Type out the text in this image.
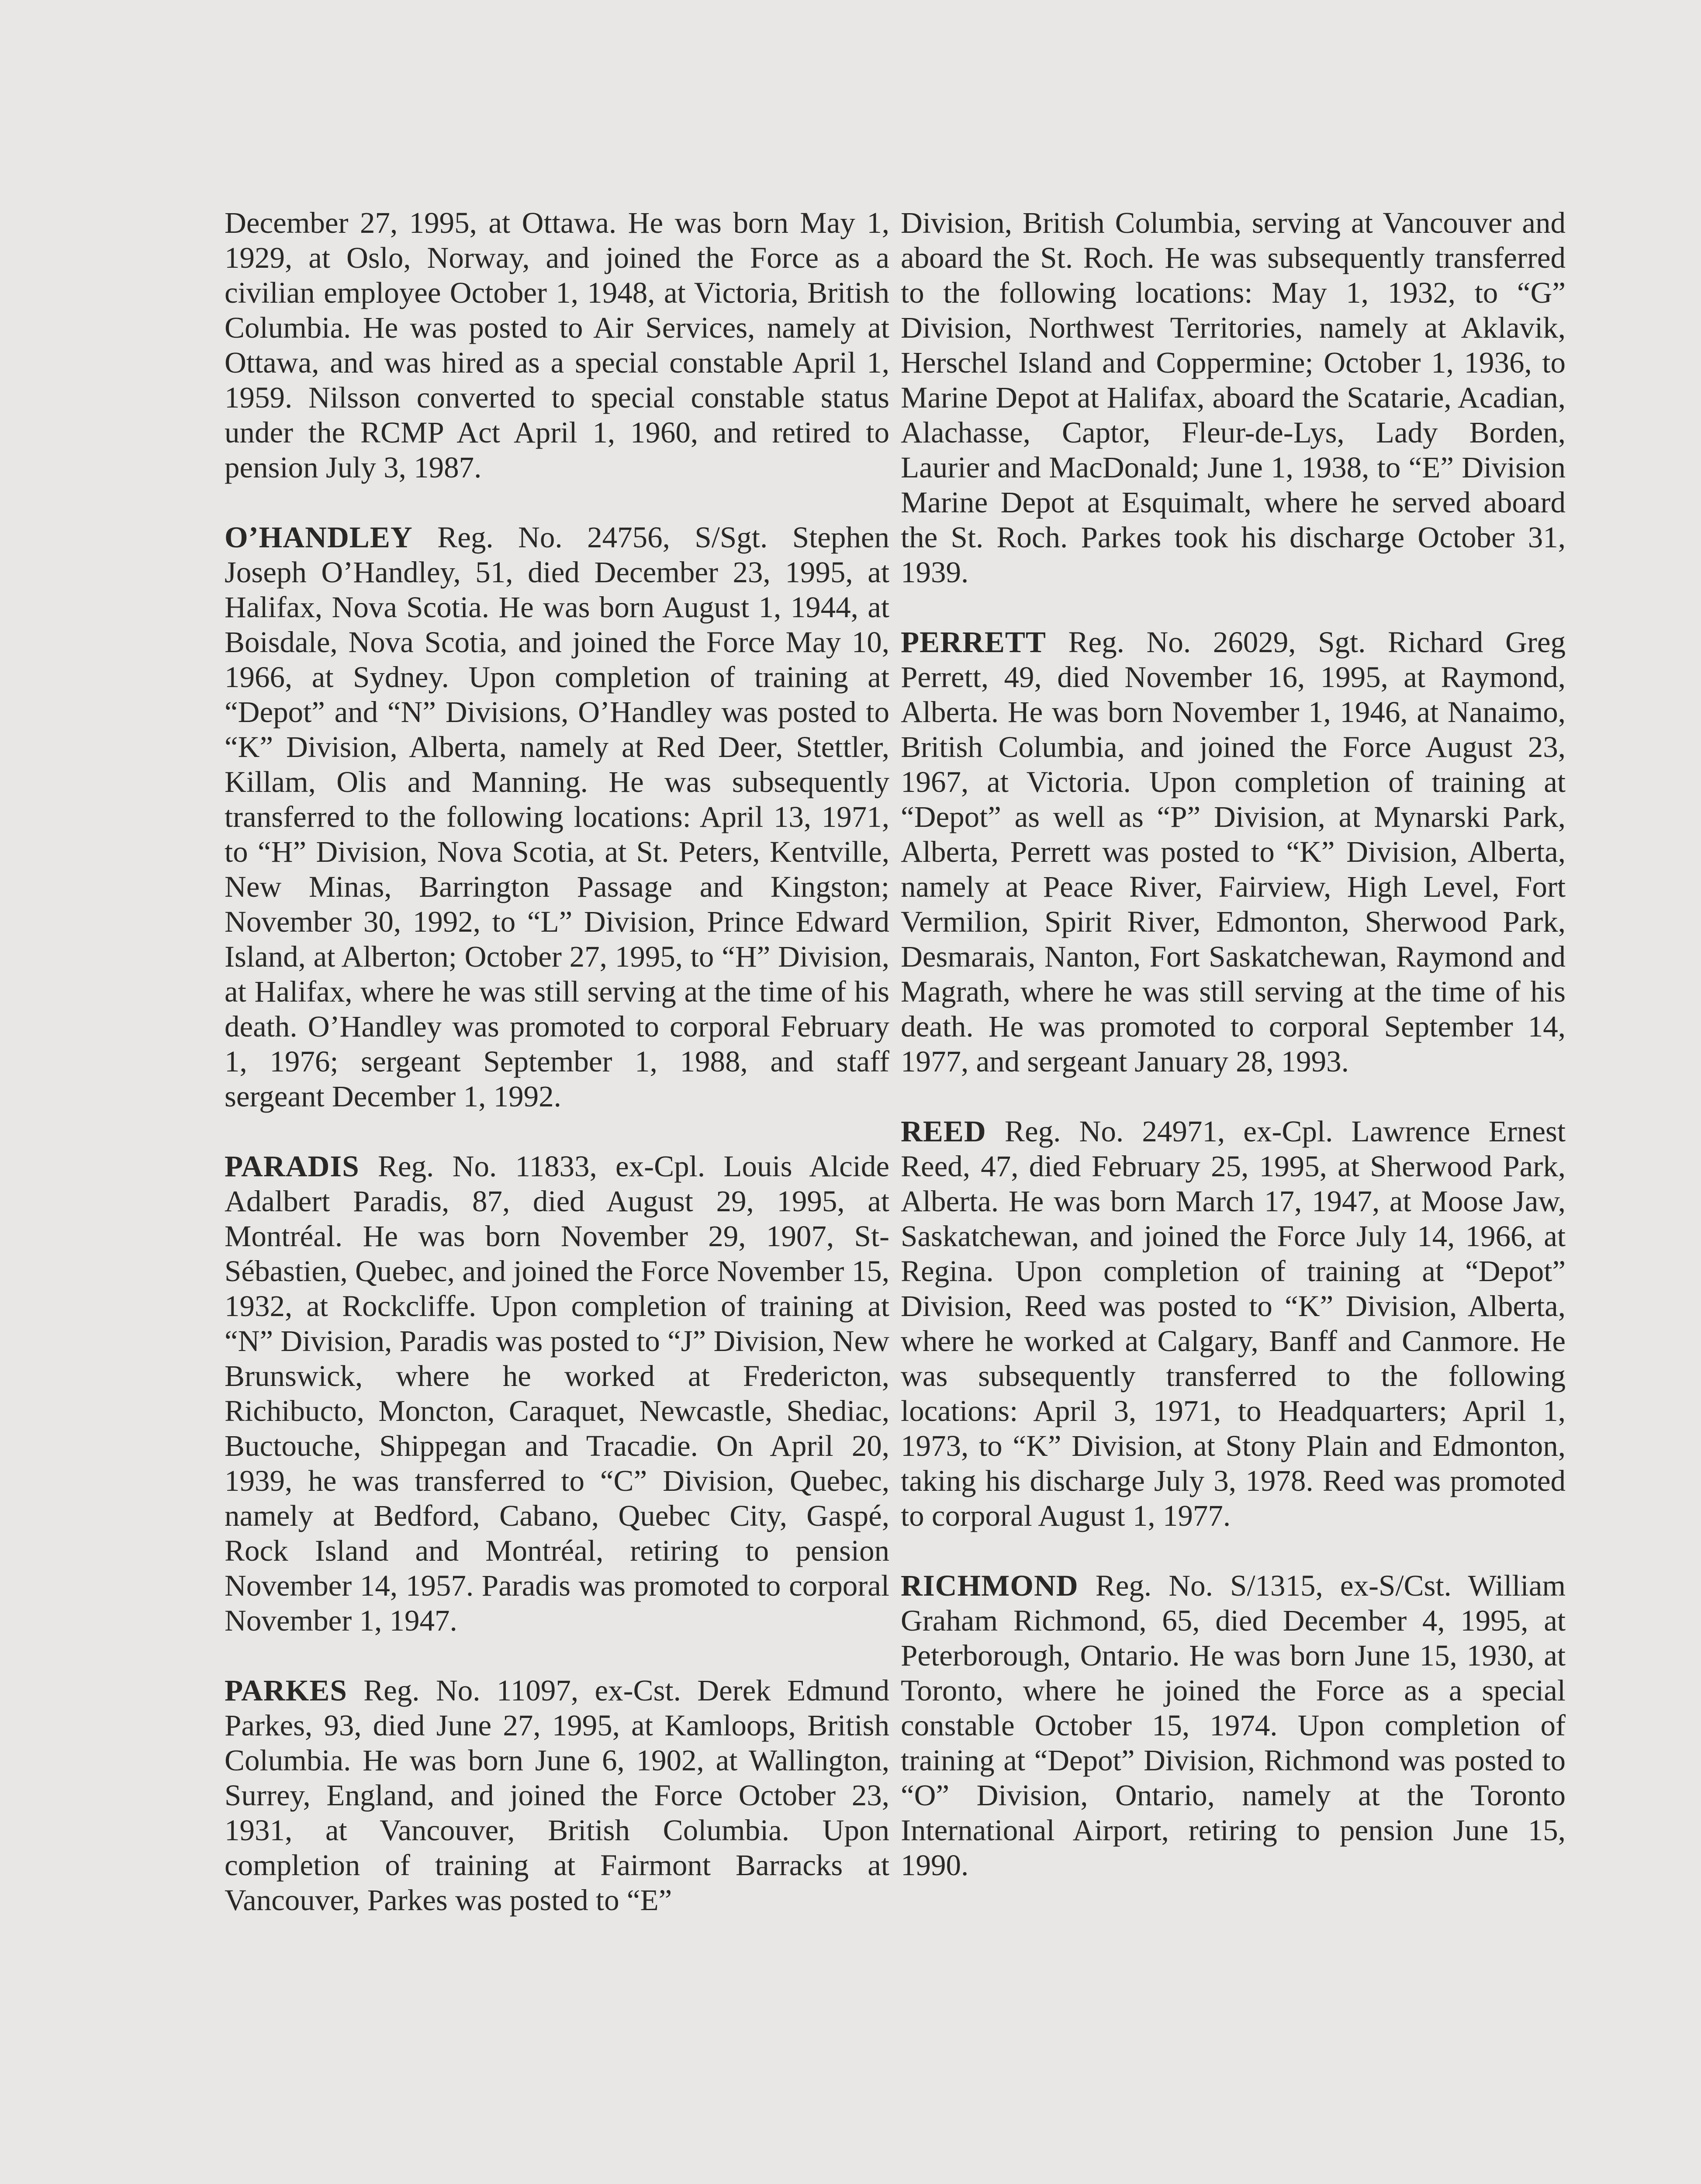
December 27, 1995, at Ottawa. He was born May 1, 1929, at Oslo, Norway, and joined the Force as a civilian employee October 1, 1948, at Victoria, British Columbia. He was posted to Air Services, namely at Ottawa, and was hired as a special constable April 1, 1959. Nilsson converted to special constable status under the RCMP Act April 1, 1960, and retired to pension July 3, 1987.

O’HANDLEY Reg. No. 24756, S/Sgt. Stephen Joseph O’Handley, 51, died December 23, 1995, at Halifax, Nova Scotia. He was born August 1, 1944, at Boisdale, Nova Scotia, and joined the Force May 10, 1966, at Sydney. Upon completion of training at “Depot” and “N” Divisions, O’Handley was posted to “K” Division, Alberta, namely at Red Deer, Stettler, Killam, Olis and Manning. He was subsequently transferred to the following locations: April 13, 1971, to “H” Division, Nova Scotia, at St. Peters, Kentville, New Minas, Barrington Passage and Kingston; November 30, 1992, to “L” Division, Prince Edward Island, at Alberton; October 27, 1995, to “H” Division, at Halifax, where he was still serving at the time of his death. O’Handley was promoted to corporal February 1, 1976; sergeant September 1, 1988, and staff sergeant December 1, 1992.

PARADIS Reg. No. 11833, ex-Cpl. Louis Alcide Adalbert Paradis, 87, died August 29, 1995, at Montréal. He was born November 29, 1907, St-Sébastien, Quebec, and joined the Force November 15, 1932, at Rockcliffe. Upon completion of training at “N” Division, Paradis was posted to “J” Division, New Brunswick, where he worked at Fredericton, Richibucto, Moncton, Caraquet, Newcastle, Shediac, Buctouche, Shippegan and Tracadie. On April 20, 1939, he was transferred to “C” Division, Quebec, namely at Bedford, Cabano, Quebec City, Gaspé, Rock Island and Montréal, retiring to pension November 14, 1957. Paradis was promoted to corporal November 1, 1947.

PARKES Reg. No. 11097, ex-Cst. Derek Edmund Parkes, 93, died June 27, 1995, at Kamloops, British Columbia. He was born June 6, 1902, at Wallington, Surrey, England, and joined the Force October 23, 1931, at Vancouver, British Columbia. Upon completion of training at Fairmont Barracks at Vancouver, Parkes was posted to “E”

Division, British Columbia, serving at Vancouver and aboard the St. Roch. He was subsequently transferred to the following locations: May 1, 1932, to “G” Division, Northwest Territories, namely at Aklavik, Herschel Island and Coppermine; October 1, 1936, to Marine Depot at Halifax, aboard the Scatarie, Acadian, Alachasse, Captor, Fleur-de-Lys, Lady Borden, Laurier and MacDonald; June 1, 1938, to “E” Division Marine Depot at Esquimalt, where he served aboard the St. Roch. Parkes took his discharge October 31, 1939.

PERRETT Reg. No. 26029, Sgt. Richard Greg Perrett, 49, died November 16, 1995, at Raymond, Alberta. He was born November 1, 1946, at Nanaimo, British Columbia, and joined the Force August 23, 1967, at Victoria. Upon completion of training at “Depot” as well as “P” Division, at Mynarski Park, Alberta, Perrett was posted to “K” Division, Alberta, namely at Peace River, Fairview, High Level, Fort Vermilion, Spirit River, Edmonton, Sherwood Park, Desmarais, Nanton, Fort Saskatchewan, Raymond and Magrath, where he was still serving at the time of his death. He was promoted to corporal September 14, 1977, and sergeant January 28, 1993.

REED Reg. No. 24971, ex-Cpl. Lawrence Ernest Reed, 47, died February 25, 1995, at Sherwood Park, Alberta. He was born March 17, 1947, at Moose Jaw, Saskatchewan, and joined the Force July 14, 1966, at Regina. Upon completion of training at “Depot” Division, Reed was posted to “K” Division, Alberta, where he worked at Calgary, Banff and Canmore. He was subsequently transferred to the following locations: April 3, 1971, to Headquarters; April 1, 1973, to “K” Division, at Stony Plain and Edmonton, taking his discharge July 3, 1978. Reed was promoted to corporal August 1, 1977.

RICHMOND Reg. No. S/1315, ex-S/Cst. William Graham Richmond, 65, died December 4, 1995, at Peterborough, Ontario. He was born June 15, 1930, at Toronto, where he joined the Force as a special constable October 15, 1974. Upon completion of training at “Depot” Division, Richmond was posted to “O” Division, Ontario, namely at the Toronto International Airport, retiring to pension June 15, 1990.
